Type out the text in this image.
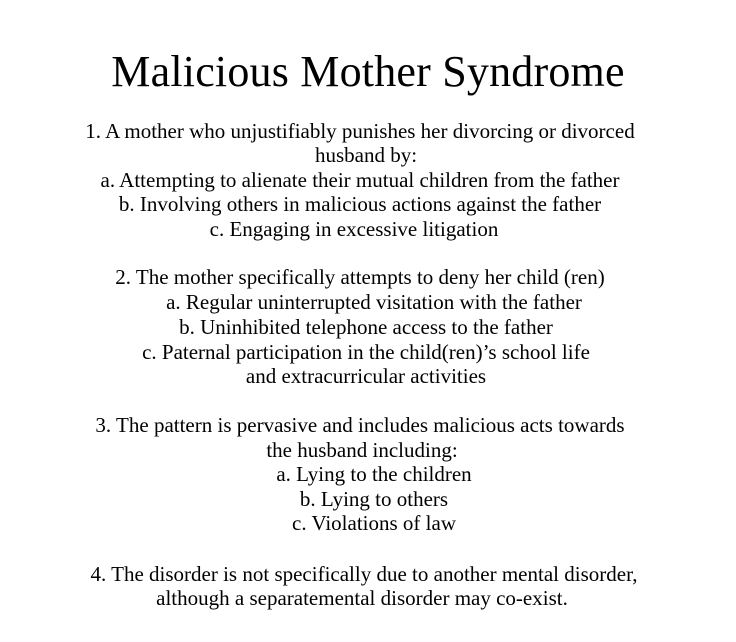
Malicious Mother Syndrome
1. A mother who unjustifiably punishes her divorcing or divorced
husband by:
a. Attempting to alienate their mutual children from the father
b. Involving others in malicious actions against the father
c. Engaging in excessive litigation
2. The mother specifically attempts to deny her child (ren)
a. Regular uninterrupted visitation with the father
b. Uninhibited telephone access to the father
c. Paternal participation in the child(ren)’s school life
and extracurricular activities
3. The pattern is pervasive and includes malicious acts towards
the husband including:
a. Lying to the children
b. Lying to others
c. Violations of law
4. The disorder is not specifically due to another mental disorder,
although a separatemental disorder may co-exist.
